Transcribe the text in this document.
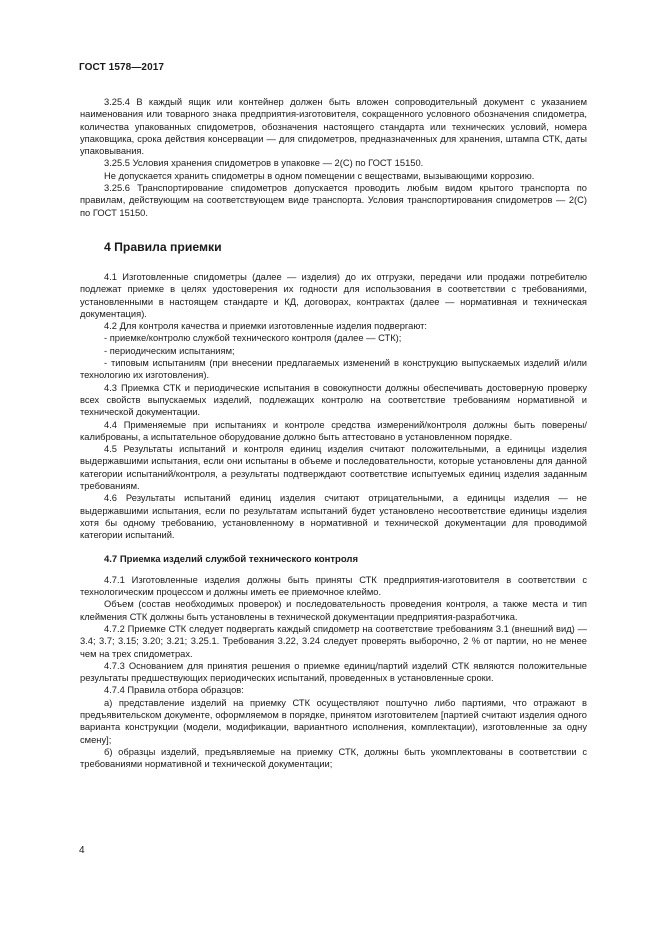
ГОСТ 1578—2017

3.25.4 В каждый ящик или контейнер должен быть вложен сопроводительный документ с указанием наименования или товарного знака предприятия-изготовителя, сокращенного условного обозначения спидометра, количества упакованных спидометров, обозначения настоящего стандарта или технических условий, номера упаковщика, срока действия консервации — для спидометров, предназначенных для хранения, штампа СТК, даты упаковывания.

3.25.5 Условия хранения спидометров в упаковке — 2(С) по ГОСТ 15150.

Не допускается хранить спидометры в одном помещении с веществами, вызывающими коррозию.

3.25.6 Транспортирование спидометров допускается проводить любым видом крытого транспорта по правилам, действующим на соответствующем виде транспорта. Условия транспортирования спидометров — 2(С) по ГОСТ 15150.

4 Правила приемки

4.1 Изготовленные спидометры (далее — изделия) до их отгрузки, передачи или продажи потребителю подлежат приемке в целях удостоверения их годности для использования в соответствии с требованиями, установленными в настоящем стандарте и КД, договорах, контрактах (далее — нормативная и техническая документация).

4.2 Для контроля качества и приемки изготовленные изделия подвергают:

- приемке/контролю службой технического контроля (далее — СТК);

- периодическим испытаниям;

- типовым испытаниям (при внесении предлагаемых изменений в конструкцию выпускаемых изделий и/или технологию их изготовления).

4.3 Приемка СТК и периодические испытания в совокупности должны обеспечивать достоверную проверку всех свойств выпускаемых изделий, подлежащих контролю на соответствие требованиям нормативной и технической документации.

4.4 Применяемые при испытаниях и контроле средства измерений/контроля должны быть поверены/калиброваны, а испытательное оборудование должно быть аттестовано в установленном порядке.

4.5 Результаты испытаний и контроля единиц изделия считают положительными, а единицы изделия выдержавшими испытания, если они испытаны в объеме и последовательности, которые установлены для данной категории испытаний/контроля, а результаты подтверждают соответствие испытуемых единиц изделия заданным требованиям.

4.6 Результаты испытаний единиц изделия считают отрицательными, а единицы изделия — не выдержавшими испытания, если по результатам испытаний будет установлено несоответствие единицы изделия хотя бы одному требованию, установленному в нормативной и технической документации для проводимой категории испытаний.

4.7 Приемка изделий службой технического контроля

4.7.1 Изготовленные изделия должны быть приняты СТК предприятия-изготовителя в соответствии с технологическим процессом и должны иметь ее приемочное клеймо.

Объем (состав необходимых проверок) и последовательность проведения контроля, а также места и тип клеймения СТК должны быть установлены в технической документации предприятия-разработчика.

4.7.2 Приемке СТК следует подвергать каждый спидометр на соответствие требованиям 3.1 (внешний вид) — 3.4; 3.7; 3.15; 3.20; 3.21; 3.25.1. Требования 3.22, 3.24 следует проверять выборочно, 2 % от партии, но не менее чем на трех спидометрах.

4.7.3 Основанием для принятия решения о приемке единиц/партий изделий СТК являются положительные результаты предшествующих периодических испытаний, проведенных в установленные сроки.

4.7.4 Правила отбора образцов:

а) представление изделий на приемку СТК осуществляют поштучно либо партиями, что отражают в предъявительском документе, оформляемом в порядке, принятом изготовителем [партией считают изделия одного варианта конструкции (модели, модификации, вариантного исполнения, комплектации), изготовленные за одну смену];

б) образцы изделий, предъявляемые на приемку СТК, должны быть укомплектованы в соответствии с требованиями нормативной и технической документации;

4
